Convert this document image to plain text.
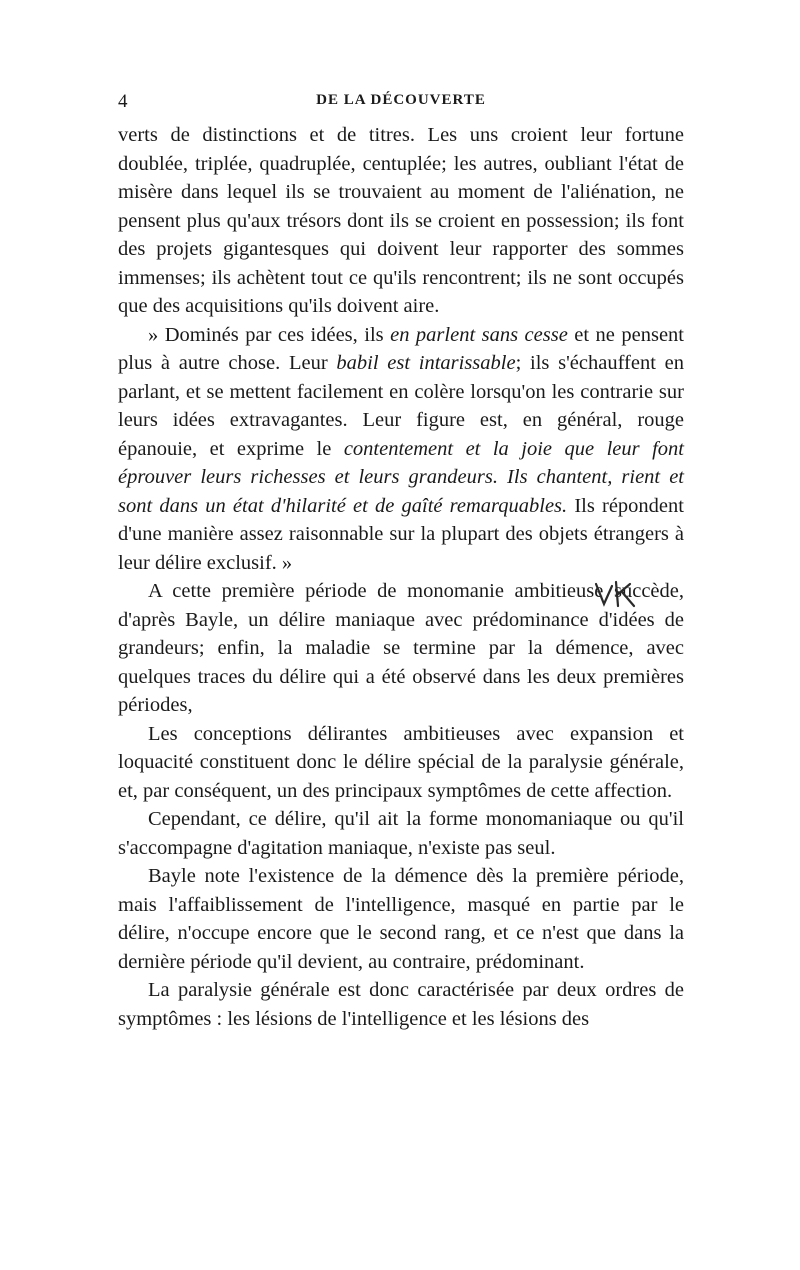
4	DE LA DÉCOUVERTE

verts de distinctions et de titres. Les uns croient leur fortune doublée, triplée, quadruplée, centuplée; les autres, oubliant l'état de misère dans lequel ils se trouvaient au moment de l'aliénation, ne pensent plus qu'aux trésors dont ils se croient en possession; ils font des projets gigantesques qui doivent leur rapporter des sommes immenses; ils achètent tout ce qu'ils rencontrent; ils ne sont occupés que des acquisitions qu'ils doivent aire.

» Dominés par ces idées, ils en parlent sans cesse et ne pensent plus à autre chose. Leur babil est intarissable; ils s'échauffent en parlant, et se mettent facilement en colère lorsqu'on les contrarie sur leurs idées extravagantes. Leur figure est, en général, rouge épanouie, et exprime le contentement et la joie que leur font éprouver leurs richesses et leurs grandeurs. Ils chantent, rient et sont dans un état d'hilarité et de gaîté remarquables. Ils répondent d'une manière assez raisonnable sur la plupart des objets étrangers à leur délire exclusif. »

A cette première période de monomanie ambitieuse succède, d'après Bayle, un délire maniaque avec prédominance d'idées de grandeurs; enfin, la maladie se termine par la démence, avec quelques traces du délire qui a été observé dans les deux premières périodes,

Les conceptions délirantes ambitieuses avec expansion et loquacité constituent donc le délire spécial de la paralysie générale, et, par conséquent, un des principaux symptômes de cette affection.

Cependant, ce délire, qu'il ait la forme monomaniaque ou qu'il s'accompagne d'agitation maniaque, n'existe pas seul.

Bayle note l'existence de la démence dès la première période, mais l'affaiblissement de l'intelligence, masqué en partie par le délire, n'occupe encore que le second rang, et ce n'est que dans la dernière période qu'il devient, au contraire, prédominant.

La paralysie générale est donc caractérisée par deux ordres de symptômes : les lésions de l'intelligence et les lésions des
